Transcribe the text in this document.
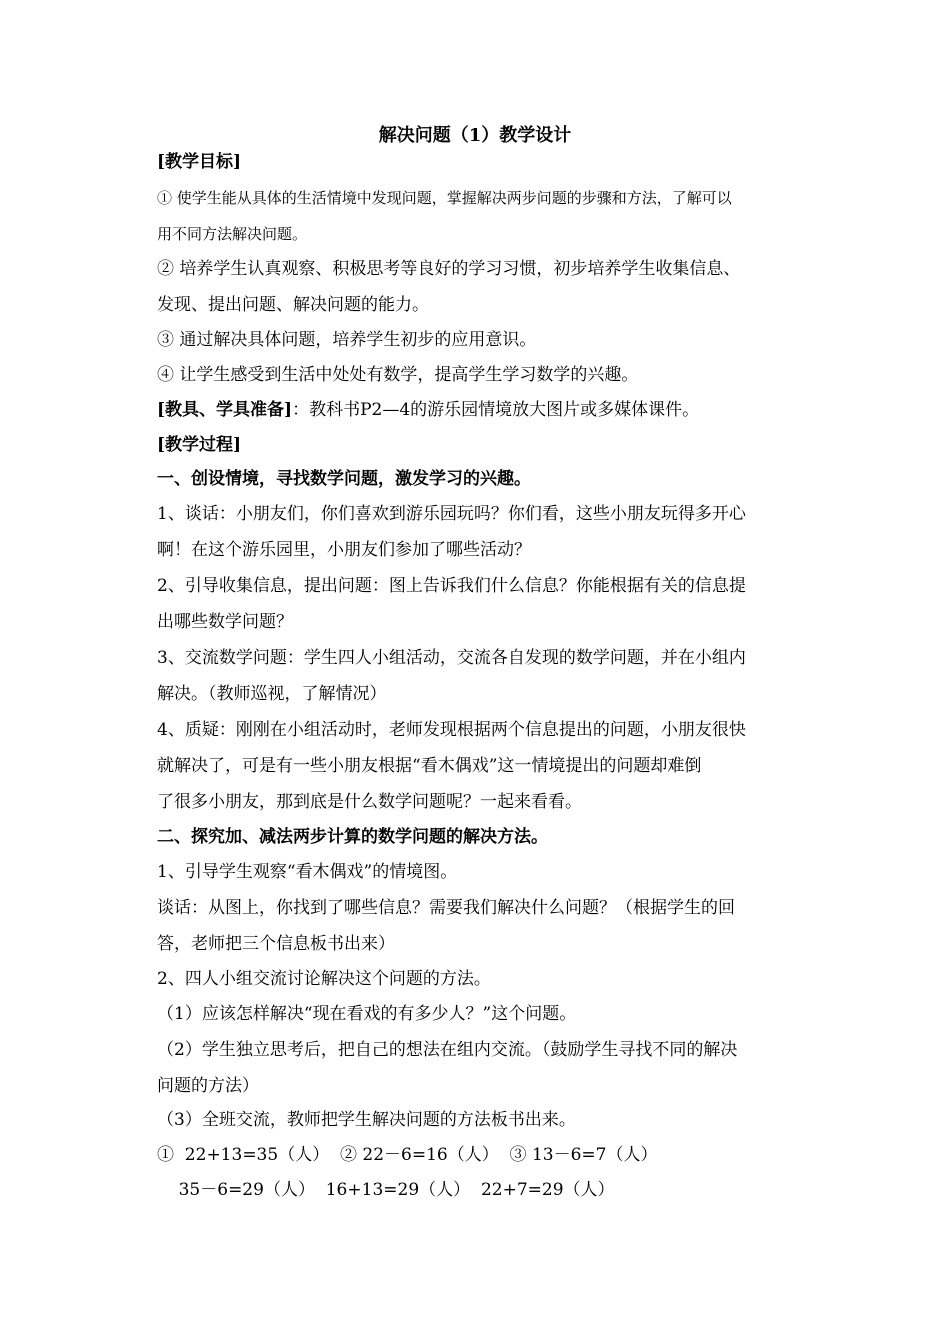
解决问题（1）教学设计
[教学目标]
① 使学生能从具体的生活情境中发现问题，掌握解决两步问题的步骤和方法，了解可以
用不同方法解决问题。
② 培养学生认真观察、积极思考等良好的学习习惯，初步培养学生收集信息、
发现、提出问题、解决问题的能力。
③ 通过解决具体问题，培养学生初步的应用意识。
④ 让学生感受到生活中处处有数学，提高学生学习数学的兴趣。
[教具、学具准备]：教科书P2—4的游乐园情境放大图片或多媒体课件。
[教学过程]
一、创设情境，寻找数学问题，激发学习的兴趣。
1、谈话：小朋友们，你们喜欢到游乐园玩吗？你们看，这些小朋友玩得多开心
啊！在这个游乐园里，小朋友们参加了哪些活动？
2、引导收集信息，提出问题：图上告诉我们什么信息？你能根据有关的信息提
出哪些数学问题？
3、交流数学问题：学生四人小组活动，交流各自发现的数学问题，并在小组内
解决。（教师巡视，了解情况）
4、质疑：刚刚在小组活动时，老师发现根据两个信息提出的问题，小朋友很快
就解决了，可是有一些小朋友根据“看木偶戏”这一情境提出的问题却难倒
了很多小朋友，那到底是什么数学问题呢？一起来看看。
二、探究加、减法两步计算的数学问题的解决方法。
1、引导学生观察“看木偶戏”的情境图。
谈话：从图上，你找到了哪些信息？需要我们解决什么问题？（根据学生的回
答，老师把三个信息板书出来）
2、四人小组交流讨论解决这个问题的方法。
（1）应该怎样解决“现在看戏的有多少人？”这个问题。
（2）学生独立思考后，把自己的想法在组内交流。（鼓励学生寻找不同的解决
问题的方法）
（3）全班交流，教师把学生解决问题的方法板书出来。
①  22+13=35（人）  ② 22－6=16（人）  ③ 13－6=7（人）
35－6=29（人）  16+13=29（人）  22+7=29（人）
